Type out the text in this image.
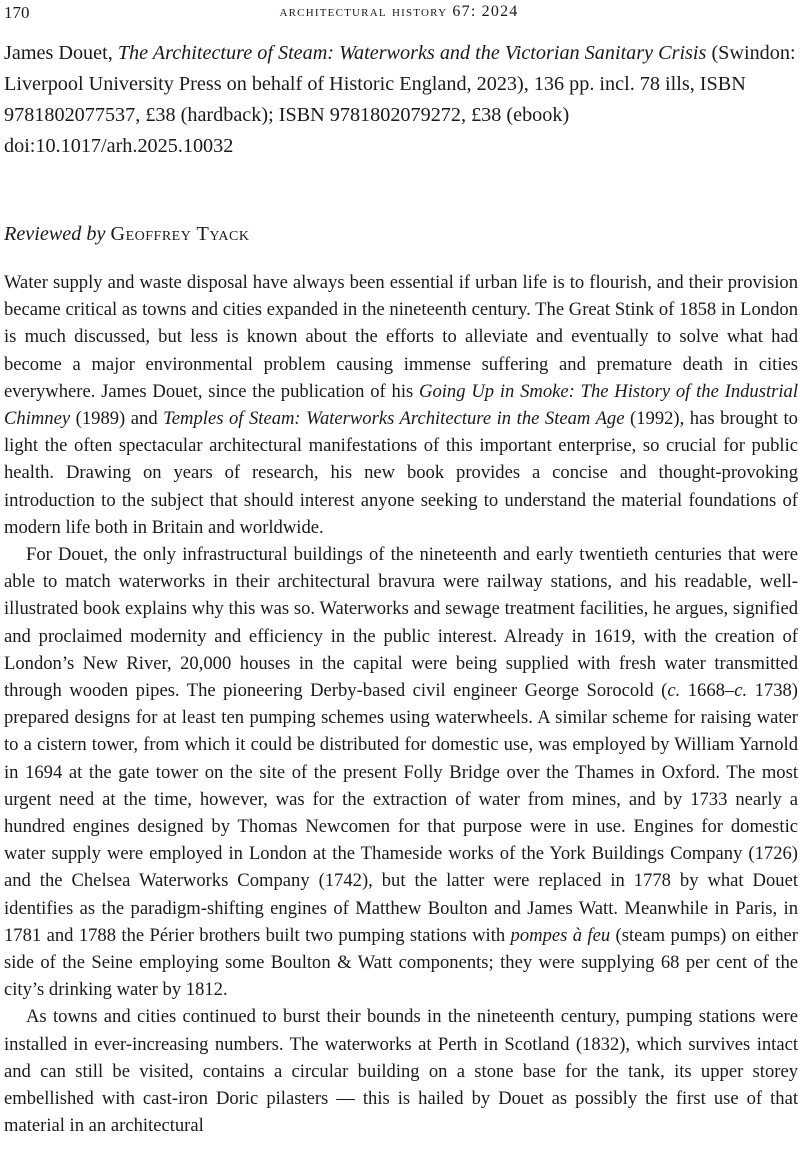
170	architectural history 67: 2024

James Douet, The Architecture of Steam: Waterworks and the Victorian Sanitary Crisis (Swindon: Liverpool University Press on behalf of Historic England, 2023), 136 pp. incl. 78 ills, ISBN 9781802077537, £38 (hardback); ISBN 9781802079272, £38 (ebook)

doi:10.1017/arh.2025.10032

Reviewed by Geoffrey Tyack

Water supply and waste disposal have always been essential if urban life is to flourish, and their provision became critical as towns and cities expanded in the nineteenth century. The Great Stink of 1858 in London is much discussed, but less is known about the efforts to alleviate and eventually to solve what had become a major environmental problem causing immense suffering and premature death in cities everywhere. James Douet, since the publication of his Going Up in Smoke: The History of the Industrial Chimney (1989) and Temples of Steam: Waterworks Architecture in the Steam Age (1992), has brought to light the often spectacular architectural manifestations of this important enterprise, so crucial for public health. Drawing on years of research, his new book provides a concise and thought-provoking introduction to the subject that should interest anyone seeking to understand the material foundations of modern life both in Britain and worldwide.

For Douet, the only infrastructural buildings of the nineteenth and early twentieth centuries that were able to match waterworks in their architectural bravura were railway stations, and his readable, well-illustrated book explains why this was so. Waterworks and sewage treatment facilities, he argues, signified and proclaimed modernity and efficiency in the public interest. Already in 1619, with the creation of London’s New River, 20,000 houses in the capital were being supplied with fresh water transmitted through wooden pipes. The pioneering Derby-based civil engineer George Sorocold (c. 1668–c. 1738) prepared designs for at least ten pumping schemes using waterwheels. A similar scheme for raising water to a cistern tower, from which it could be distributed for domestic use, was employed by William Yarnold in 1694 at the gate tower on the site of the present Folly Bridge over the Thames in Oxford. The most urgent need at the time, however, was for the extraction of water from mines, and by 1733 nearly a hundred engines designed by Thomas Newcomen for that purpose were in use. Engines for domestic water supply were employed in London at the Thameside works of the York Buildings Company (1726) and the Chelsea Waterworks Company (1742), but the latter were replaced in 1778 by what Douet identifies as the paradigm-shifting engines of Matthew Boulton and James Watt. Meanwhile in Paris, in 1781 and 1788 the Périer brothers built two pumping stations with pompes à feu (steam pumps) on either side of the Seine employing some Boulton & Watt components; they were supplying 68 per cent of the city’s drinking water by 1812.

As towns and cities continued to burst their bounds in the nineteenth century, pumping stations were installed in ever-increasing numbers. The waterworks at Perth in Scotland (1832), which survives intact and can still be visited, contains a circular building on a stone base for the tank, its upper storey embellished with cast-iron Doric pilasters — this is hailed by Douet as possibly the first use of that material in an architectural
